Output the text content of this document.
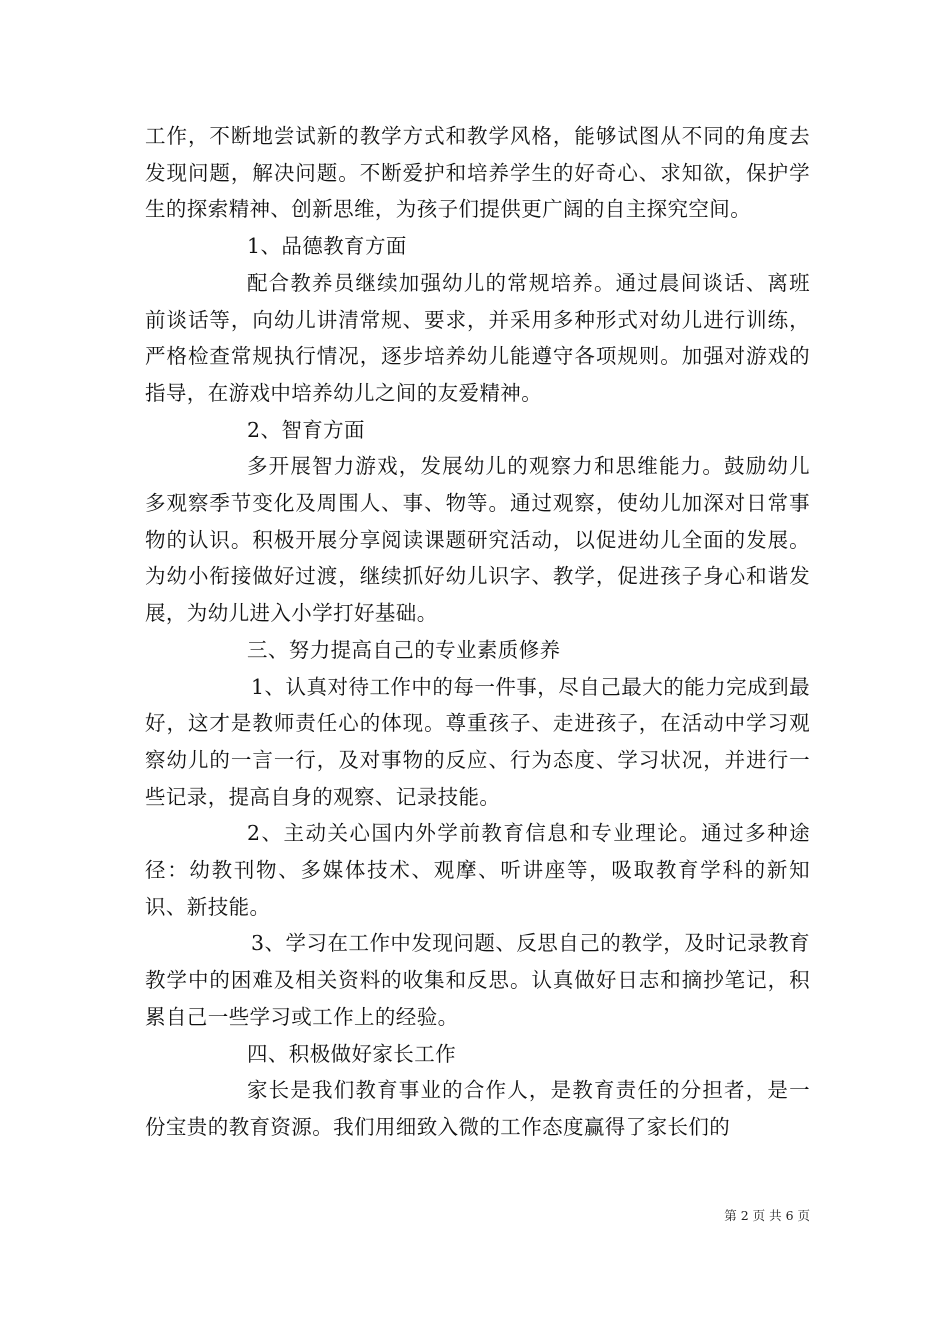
工作，不断地尝试新的教学方式和教学风格，能够试图从不同的角度去发现问题，解决问题。不断爱护和培养学生的好奇心、求知欲，保护学生的探索精神、创新思维，为孩子们提供更广阔的自主探究空间。

1、品德教育方面

配合教养员继续加强幼儿的常规培养。通过晨间谈话、离班前谈话等，向幼儿讲清常规、要求，并采用多种形式对幼儿进行训练，严格检查常规执行情况，逐步培养幼儿能遵守各项规则。加强对游戏的指导，在游戏中培养幼儿之间的友爱精神。

2、智育方面

多开展智力游戏，发展幼儿的观察力和思维能力。鼓励幼儿多观察季节变化及周围人、事、物等。通过观察，使幼儿加深对日常事物的认识。积极开展分享阅读课题研究活动，以促进幼儿全面的发展。为幼小衔接做好过渡，继续抓好幼儿识字、教学，促进孩子身心和谐发展，为幼儿进入小学打好基础。

三、努力提高自己的专业素质修养

1、认真对待工作中的每一件事，尽自己最大的能力完成到最好，这才是教师责任心的体现。尊重孩子、走进孩子，在活动中学习观察幼儿的一言一行，及对事物的反应、行为态度、学习状况，并进行一些记录，提高自身的观察、记录技能。

2、主动关心国内外学前教育信息和专业理论。通过多种途径：幼教刊物、多媒体技术、观摩、听讲座等，吸取教育学科的新知识、新技能。

3、学习在工作中发现问题、反思自己的教学，及时记录教育教学中的困难及相关资料的收集和反思。认真做好日志和摘抄笔记，积累自己一些学习或工作上的经验。

四、积极做好家长工作

家长是我们教育事业的合作人，是教育责任的分担者，是一份宝贵的教育资源。我们用细致入微的工作态度赢得了家长们的

第 2 页 共 6 页
